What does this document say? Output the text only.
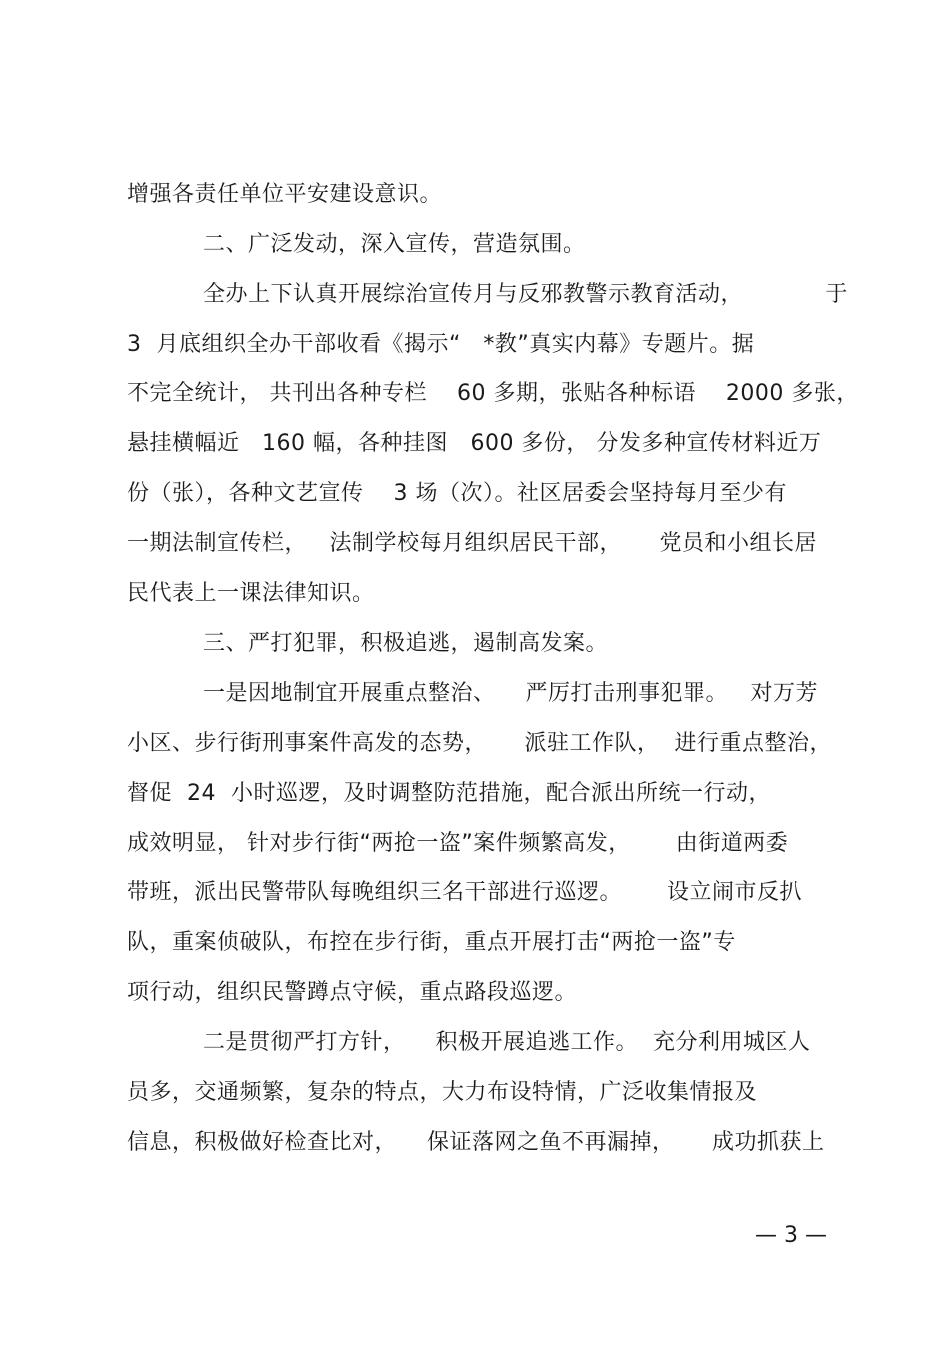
增强各责任单位平安建设意识。
二、广泛发动，深入宣传，营造氛围。
全办上下认真开展综治宣传月与反邪教警示教育活动，           于
3  月底组织全办干部收看《揭示“   *教”真实内幕》专题片。据
不完全统计， 共刊出各种专栏    60 多期，张贴各种标语    2000 多张，
悬挂横幅近   160 幅，各种挂图   600 多份， 分发多种宣传材料近万
份（张），各种文艺宣传    3 场（次）。社区居委会坚持每月至少有
一期法制宣传栏，   法制学校每月组织居民干部，     党员和小组长居
民代表上一课法律知识。
三、严打犯罪，积极追逃，遏制高发案。
一是因地制宜开展重点整治、    严厉打击刑事犯罪。   对万芳
小区、步行街刑事案件高发的态势，     派驻工作队，  进行重点整治，
督促  24  小时巡逻，及时调整防范措施，配合派出所统一行动，
成效明显， 针对步行街“两抢一盗”案件频繁高发，      由街道两委
带班，派出民警带队每晚组织三名干部进行巡逻。      设立闹市反扒
队，重案侦破队，布控在步行街，重点开展打击“两抢一盗”专
项行动，组织民警蹲点守候，重点路段巡逻。
二是贯彻严打方针，    积极开展追逃工作。  充分利用城区人
员多，交通频繁，复杂的特点，大力布设特情，广泛收集情报及
信息，积极做好检查比对，    保证落网之鱼不再漏掉，     成功抓获上
— 3 —
